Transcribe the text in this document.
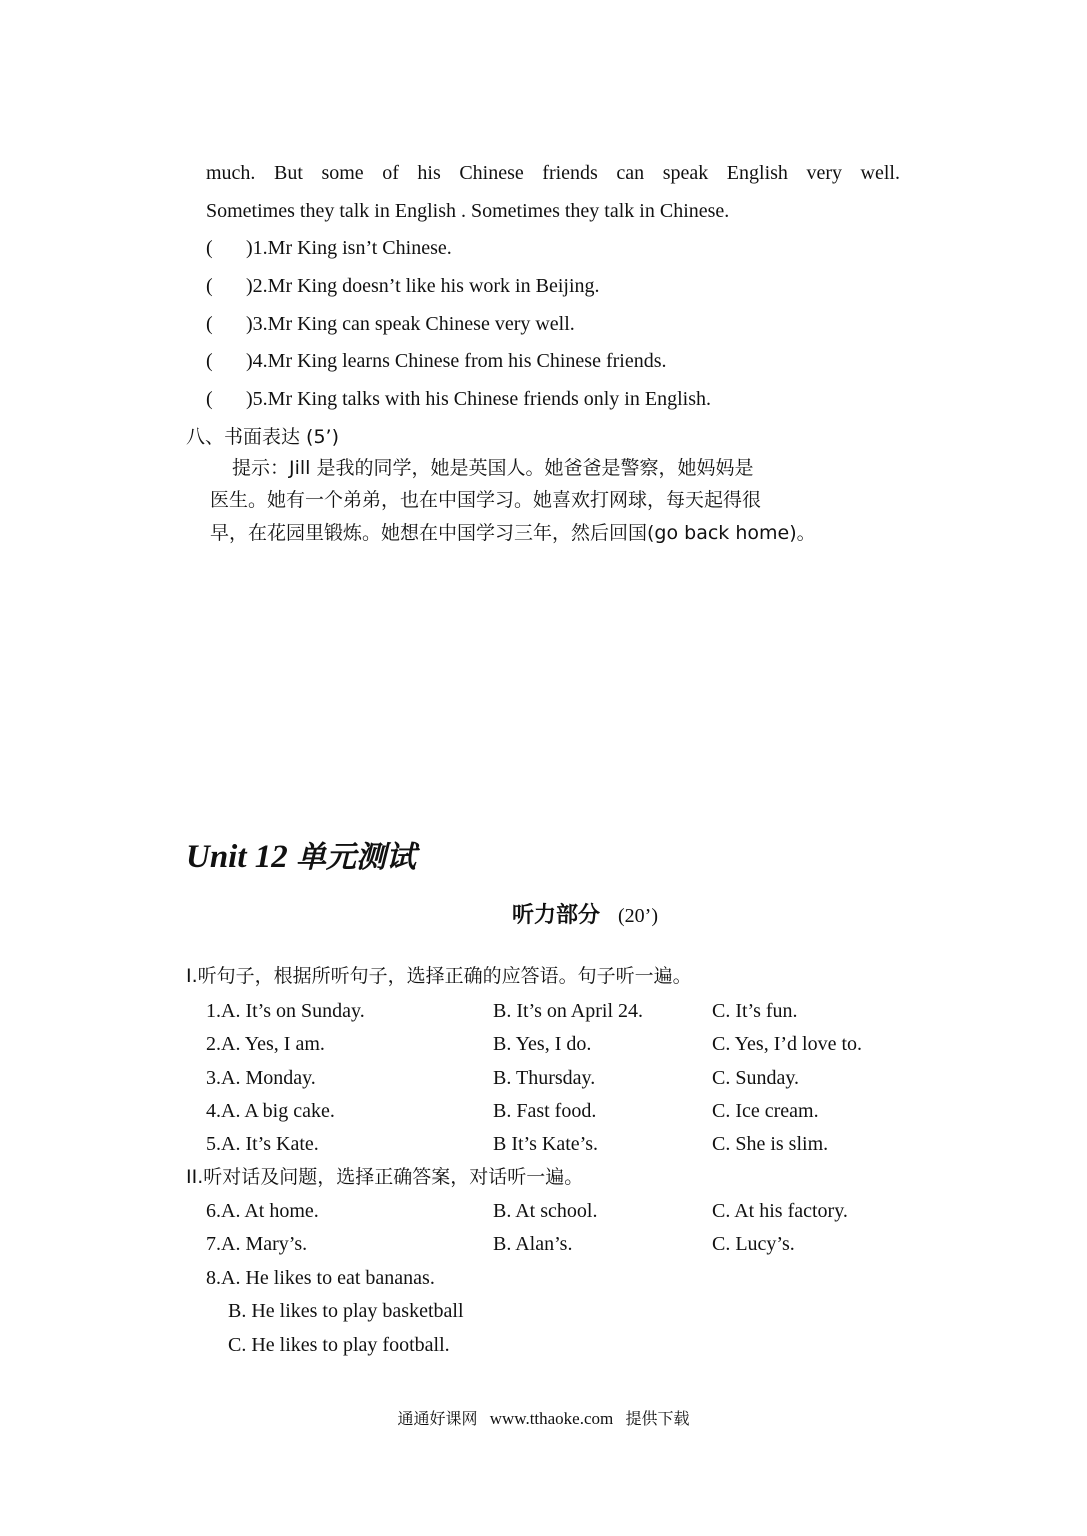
much. But some of his Chinese friends can speak English very well.
Sometimes they talk in English . Sometimes they talk in Chinese.
( )1.Mr King isn’t Chinese.
( )2.Mr King doesn’t like his work in Beijing.
( )3.Mr King can speak Chinese very well.
( )4.Mr King learns Chinese from his Chinese friends.
( )5.Mr King talks with his Chinese friends only in English.
八、书面表达 (5’)
提示：Jill 是我的同学，她是英国人。她爸爸是警察，她妈妈是
医生。她有一个弟弟，也在中国学习。她喜欢打网球，每天起得很
早，在花园里锻炼。她想在中国学习三年，然后回国(go back home)。
Unit 12 单元测试
听力部分 (20’)
I.听句子，根据所听句子，选择正确的应答语。句子听一遍。
1.A. It’s on Sunday.	B. It’s on April 24.	C. It’s fun.
2.A. Yes, I am.	B. Yes, I do.	C. Yes, I’d love to.
3.A. Monday.	B. Thursday.	C. Sunday.
4.A. A big cake.	B. Fast food.	C. Ice cream.
5.A. It’s Kate.	B It’s Kate’s.	C. She is slim.
II.听对话及问题，选择正确答案，对话听一遍。
6.A. At home.	B. At school.	C. At his factory.
7.A. Mary’s.	B. Alan’s.	C. Lucy’s.
8.A. He likes to eat bananas.
B. He likes to play basketball
C. He likes to play football.
通通好课网 www.tthaoke.com 提供下载
